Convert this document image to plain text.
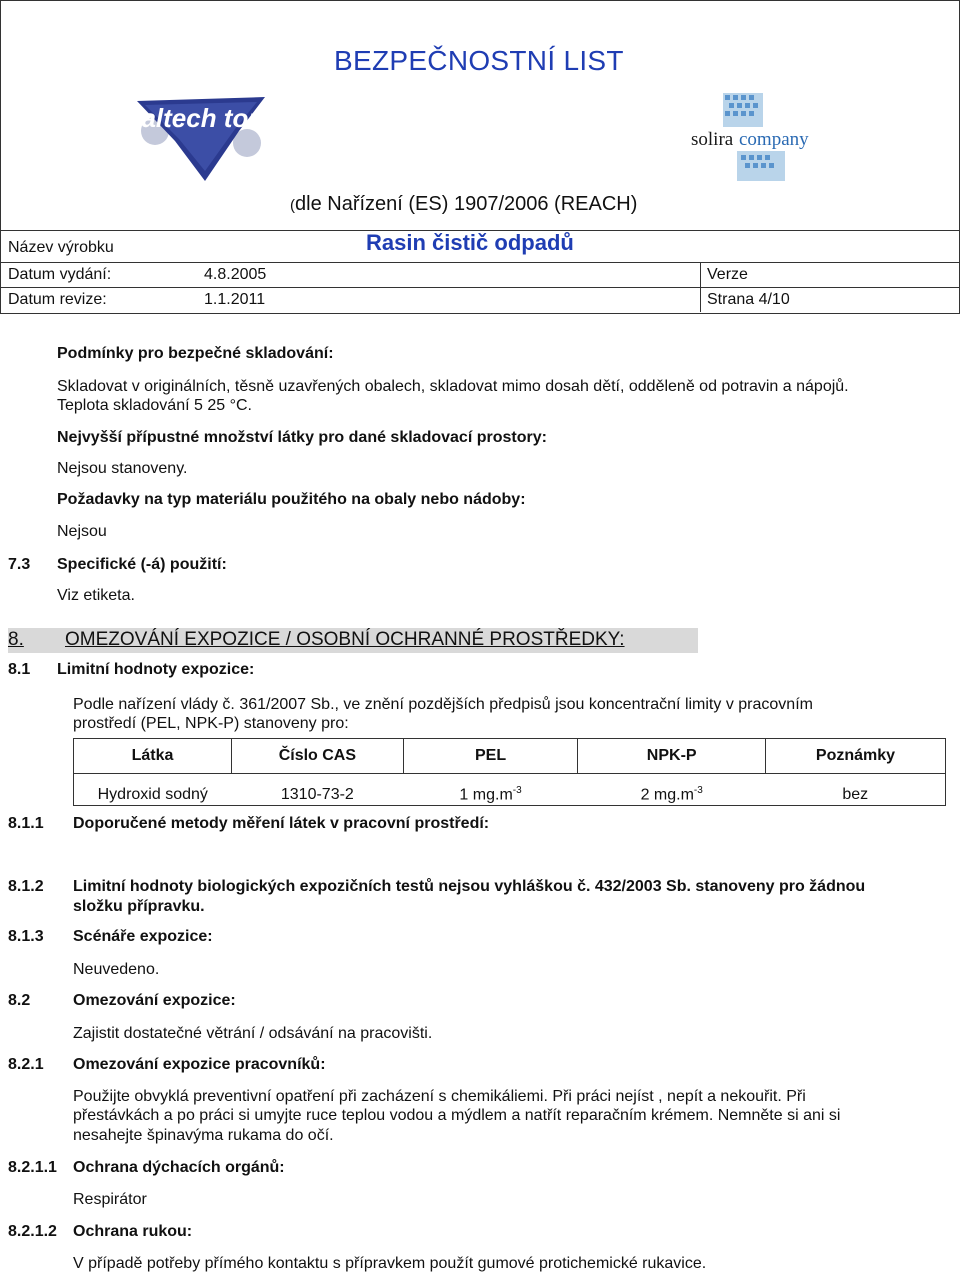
BEZPEČNOSTNÍ LIST
Valtech tors
solira company
(dle Nařízení (ES) 1907/2006 (REACH)
Název výrobku	Rasin čistič odpadů
Datum vydání:	4.8.2005	Verze
Datum revize:	1.1.2011	Strana 4/10
Podmínky pro bezpečné skladování:
Skladovat v originálních, těsně uzavřených obalech, skladovat mimo dosah dětí, odděleně od potravin a nápojů.
Teplota skladování 5 25 °C.
Nejvyšší přípustné množství látky pro dané skladovací prostory:
Nejsou stanoveny.
Požadavky na typ materiálu použitého na obaly nebo nádoby:
Nejsou
7.3 Specifické (-á) použití:
Viz etiketa.
8. OMEZOVÁNÍ EXPOZICE / OSOBNÍ OCHRANNÉ PROSTŘEDKY:
8.1 Limitní hodnoty expozice:
Podle nařízení vlády č. 361/2007 Sb., ve znění pozdějších předpisů jsou koncentrační limity v pracovním
prostředí (PEL, NPK-P) stanoveny pro:
Látka	Číslo CAS	PEL	NPK-P	Poznámky
Hydroxid sodný	1310-73-2	1 $mg.m^{-3}$	2 $mg.m^{-3}$	bez
8.1.1 Doporučené metody měření látek v pracovní prostředí:
8.1.2 Limitní hodnoty biologických expozičních testů nejsou vyhláškou č. 432/2003 Sb. stanoveny pro žádnou
složku přípravku.
8.1.3 Scénáře expozice:
Neuvedeno.
8.2	Omezování expozice:
Zajistit dostatečné větrání / odsávání na pracovišti.
8.2.1 Omezování expozice pracovníků:
Použijte obvyklá preventivní opatření při zacházení s chemikáliemi. Při práci nejíst , nepít a nekouřit. Při
přestávkách a po práci si umyjte ruce teplou vodou a mýdlem a natřít reparačním krémem. Nemněte si ani si
nesahejte špinavýma rukama do očí.
8.2.1.1 Ochrana dýchacích orgánů:
Respirátor
8.2.1.2 Ochrana rukou:
V případě potřeby přímého kontaktu s přípravkem použít gumové protichemické rukavice.
